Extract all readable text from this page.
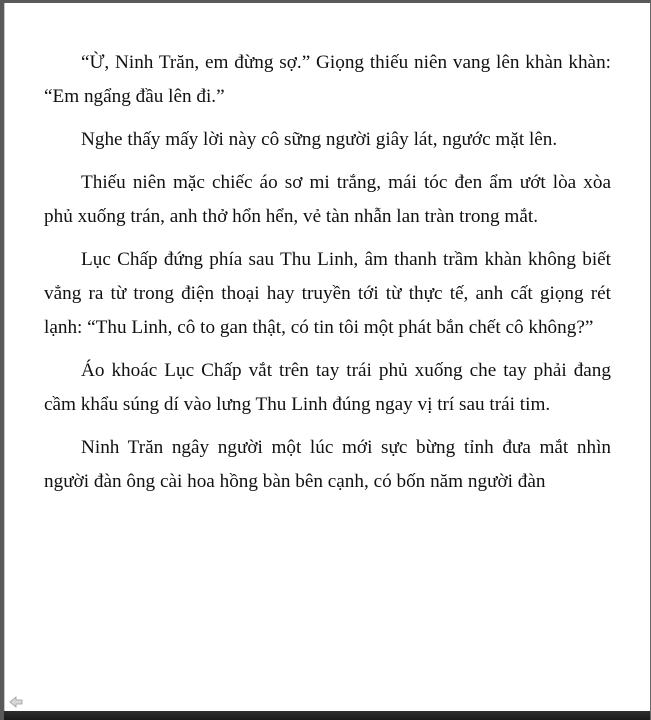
“Ừ, Ninh Trăn, em đừng sợ.” Giọng thiếu niên vang lên khàn khàn: “Em ngẩng đầu lên đi.”

Nghe thấy mấy lời này cô sững người giây lát, ngước mặt lên.

Thiếu niên mặc chiếc áo sơ mi trắng, mái tóc đen ẩm ướt lòa xòa phủ xuống trán, anh thở hổn hển, vẻ tàn nhẫn lan tràn trong mắt.

Lục Chấp đứng phía sau Thu Linh, âm thanh trầm khàn không biết vẳng ra từ trong điện thoại hay truyền tới từ thực tế, anh cất giọng rét lạnh: “Thu Linh, cô to gan thật, có tin tôi một phát bắn chết cô không?”

Áo khoác Lục Chấp vắt trên tay trái phủ xuống che tay phải đang cầm khẩu súng dí vào lưng Thu Linh đúng ngay vị trí sau trái tim.

Ninh Trăn ngây người một lúc mới sực bừng tỉnh đưa mắt nhìn người đàn ông cài hoa hồng bàn bên cạnh, có bốn năm người đàn
